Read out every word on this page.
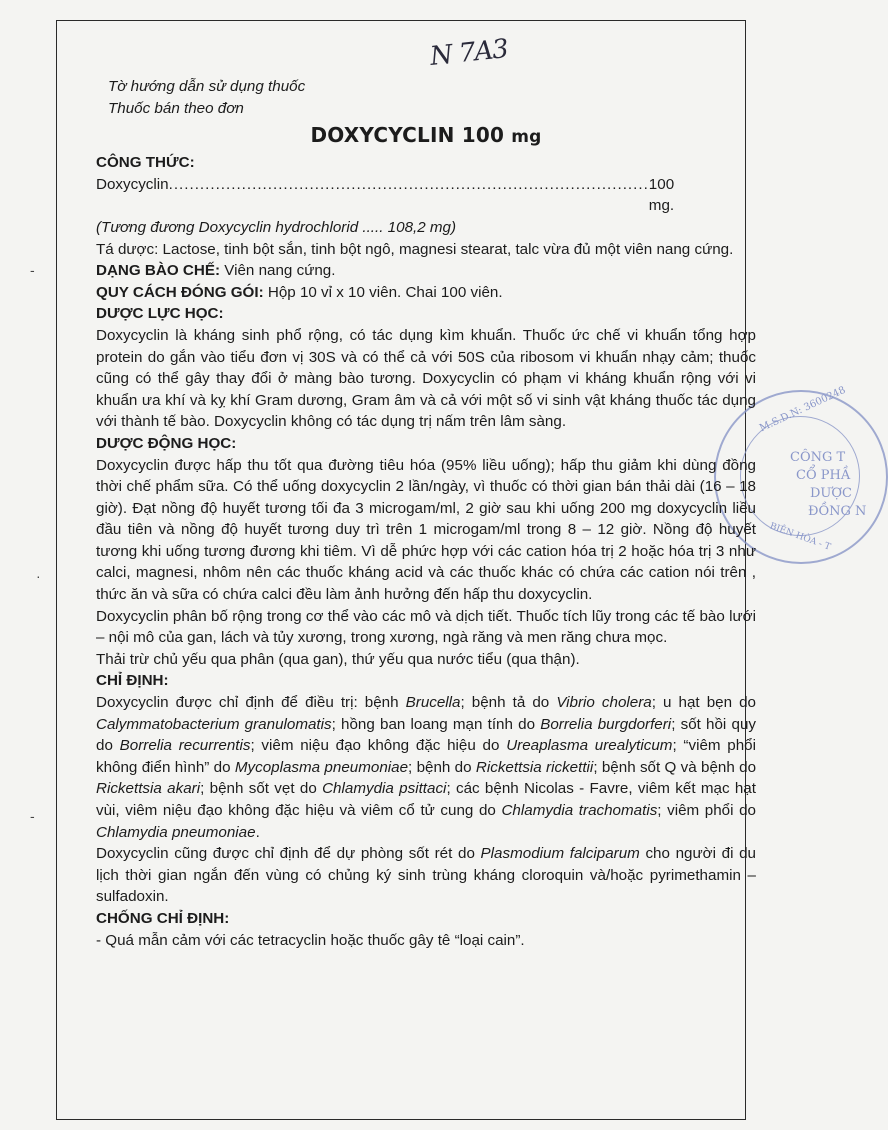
N 7A3
M.S.D.N: 3600248
CÔNG T
CỔ PHẦ
DƯỢC
ĐỒNG N
BIÊN HÒA - T
-
·
-
Tờ hướng dẫn sử dụng thuốc
Thuốc bán theo đơn
DOXYCYCLIN 100 mg
CÔNG THỨC:
Doxycyclin ............................................................................................ 100 mg.
(Tương đương Doxycyclin hydrochlorid ..... 108,2 mg)
Tá dược: Lactose, tinh bột sắn, tinh bột ngô, magnesi stearat, talc vừa đủ một viên nang cứng.
DẠNG BÀO CHẾ: Viên nang cứng.
QUY CÁCH ĐÓNG GÓI: Hộp 10 vỉ x 10 viên. Chai 100 viên.
DƯỢC LỰC HỌC:
Doxycyclin là kháng sinh phổ rộng, có tác dụng kìm khuẩn. Thuốc ức chế vi khuẩn tổng hợp protein do gắn vào tiểu đơn vị 30S và có thể cả với 50S của ribosom vi khuẩn nhạy cảm; thuốc cũng có thể gây thay đổi ở màng bào tương. Doxycyclin có phạm vi kháng khuẩn rộng với vi khuẩn ưa khí và kỵ khí Gram dương, Gram âm và cả với một số vi sinh vật kháng thuốc tác dụng với thành tế bào. Doxycyclin không có tác dụng trị nấm trên lâm sàng.
DƯỢC ĐỘNG HỌC:
Doxycyclin được hấp thu tốt qua đường tiêu hóa (95% liều uống); hấp thu giảm khi dùng đồng thời chế phẩm sữa. Có thể uống doxycyclin 2 lần/ngày, vì thuốc có thời gian bán thải dài (16 – 18 giờ). Đạt nồng độ huyết tương tối đa 3 microgam/ml, 2 giờ sau khi uống 200 mg doxycyclin liều đầu tiên và nồng độ huyết tương duy trì trên 1 microgam/ml trong 8 – 12 giờ. Nồng độ huyết tương khi uống tương đương khi tiêm. Vì dễ phức hợp với các cation hóa trị 2 hoặc hóa trị 3 như calci, magnesi, nhôm nên các thuốc kháng acid và các thuốc khác có chứa các cation nói trên , thức ăn và sữa có chứa calci đều làm ảnh hưởng đến hấp thu doxycyclin.
Doxycyclin phân bố rộng trong cơ thể vào các mô và dịch tiết. Thuốc tích lũy trong các tế bào lưới – nội mô của gan, lách và tủy xương, trong xương, ngà răng và men răng chưa mọc.
Thải trừ chủ yếu qua phân (qua gan), thứ yếu qua nước tiểu (qua thận).
CHỈ ĐỊNH:
Doxycyclin được chỉ định để điều trị: bệnh Brucella; bệnh tả do Vibrio cholera; u hạt bẹn do Calymmatobacterium granulomatis; hồng ban loang mạn tính do Borrelia burgdorferi; sốt hồi quy do Borrelia recurrentis; viêm niệu đạo không đặc hiệu do Ureaplasma urealyticum; “viêm phổi không điển hình” do Mycoplasma pneumoniae; bệnh do Rickettsia rickettii; bệnh sốt Q và bệnh do Rickettsia akari; bệnh sốt vẹt do Chlamydia psittaci; các bệnh Nicolas - Favre, viêm kết mạc hạt vùi, viêm niệu đạo không đặc hiệu và viêm cổ tử cung do Chlamydia trachomatis; viêm phổi do Chlamydia pneumoniae.
Doxycyclin cũng được chỉ định để dự phòng sốt rét do Plasmodium falciparum cho người đi du lịch thời gian ngắn đến vùng có chủng ký sinh trùng kháng cloroquin và/hoặc pyrimethamin – sulfadoxin.
CHỐNG CHỈ ĐỊNH:
- Quá mẫn cảm với các tetracyclin hoặc thuốc gây tê “loại cain”.
